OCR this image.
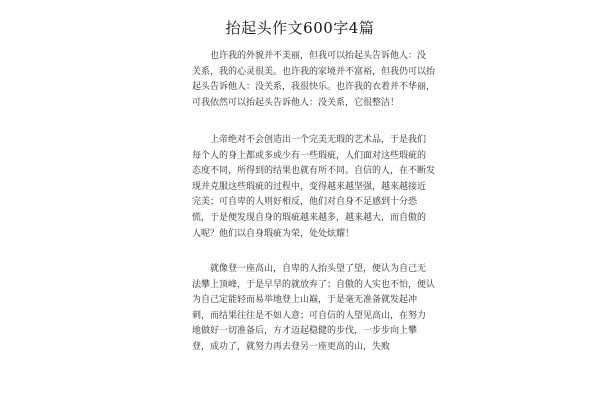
抬起头作文600字4篇
　　也许我的外貌并不美丽，但我可以抬起头告诉他人：没
关系，我的心灵很美。也许我的家境并不富裕，但我仍可以抬
起头告诉他人：没关系，我很快乐。也许我的衣着并不华丽，
可我依然可以抬起头告诉他人：没关系，它很整洁！
　　上帝绝对不会创造出一个完美无瑕的艺术品，于是我们
每个人的身上都或多或少有一些瑕疵，人们面对这些瑕疵的
态度不同，所得到的结果也就有所不同。自信的人，在不断发
现并克服这些瑕疵的过程中，变得越来越坚强，越来越接近
完美；可自卑的人则好相反，他们对自身不足感到十分恐
慌，于是便发现自身的瑕疵越来越多，越来越大，而自傲的
人呢？他们以自身瑕疵为荣，处处炫耀！
　　就像登一座高山，自卑的人抬头望了望，便认为自己无
法攀上顶峰，于是早早的就放弃了；自傲的人实也不怕，便认
为自己定能轻而易举地登上山巅，于是毫无准备就发起冲
刺，而结果往往是不如人意；可自信的人望见高山，在努力
地做好一切准备后，方才迈起稳健的步伐，一步步向上攀
登，成功了，就努力再去登另一座更高的山，失败
